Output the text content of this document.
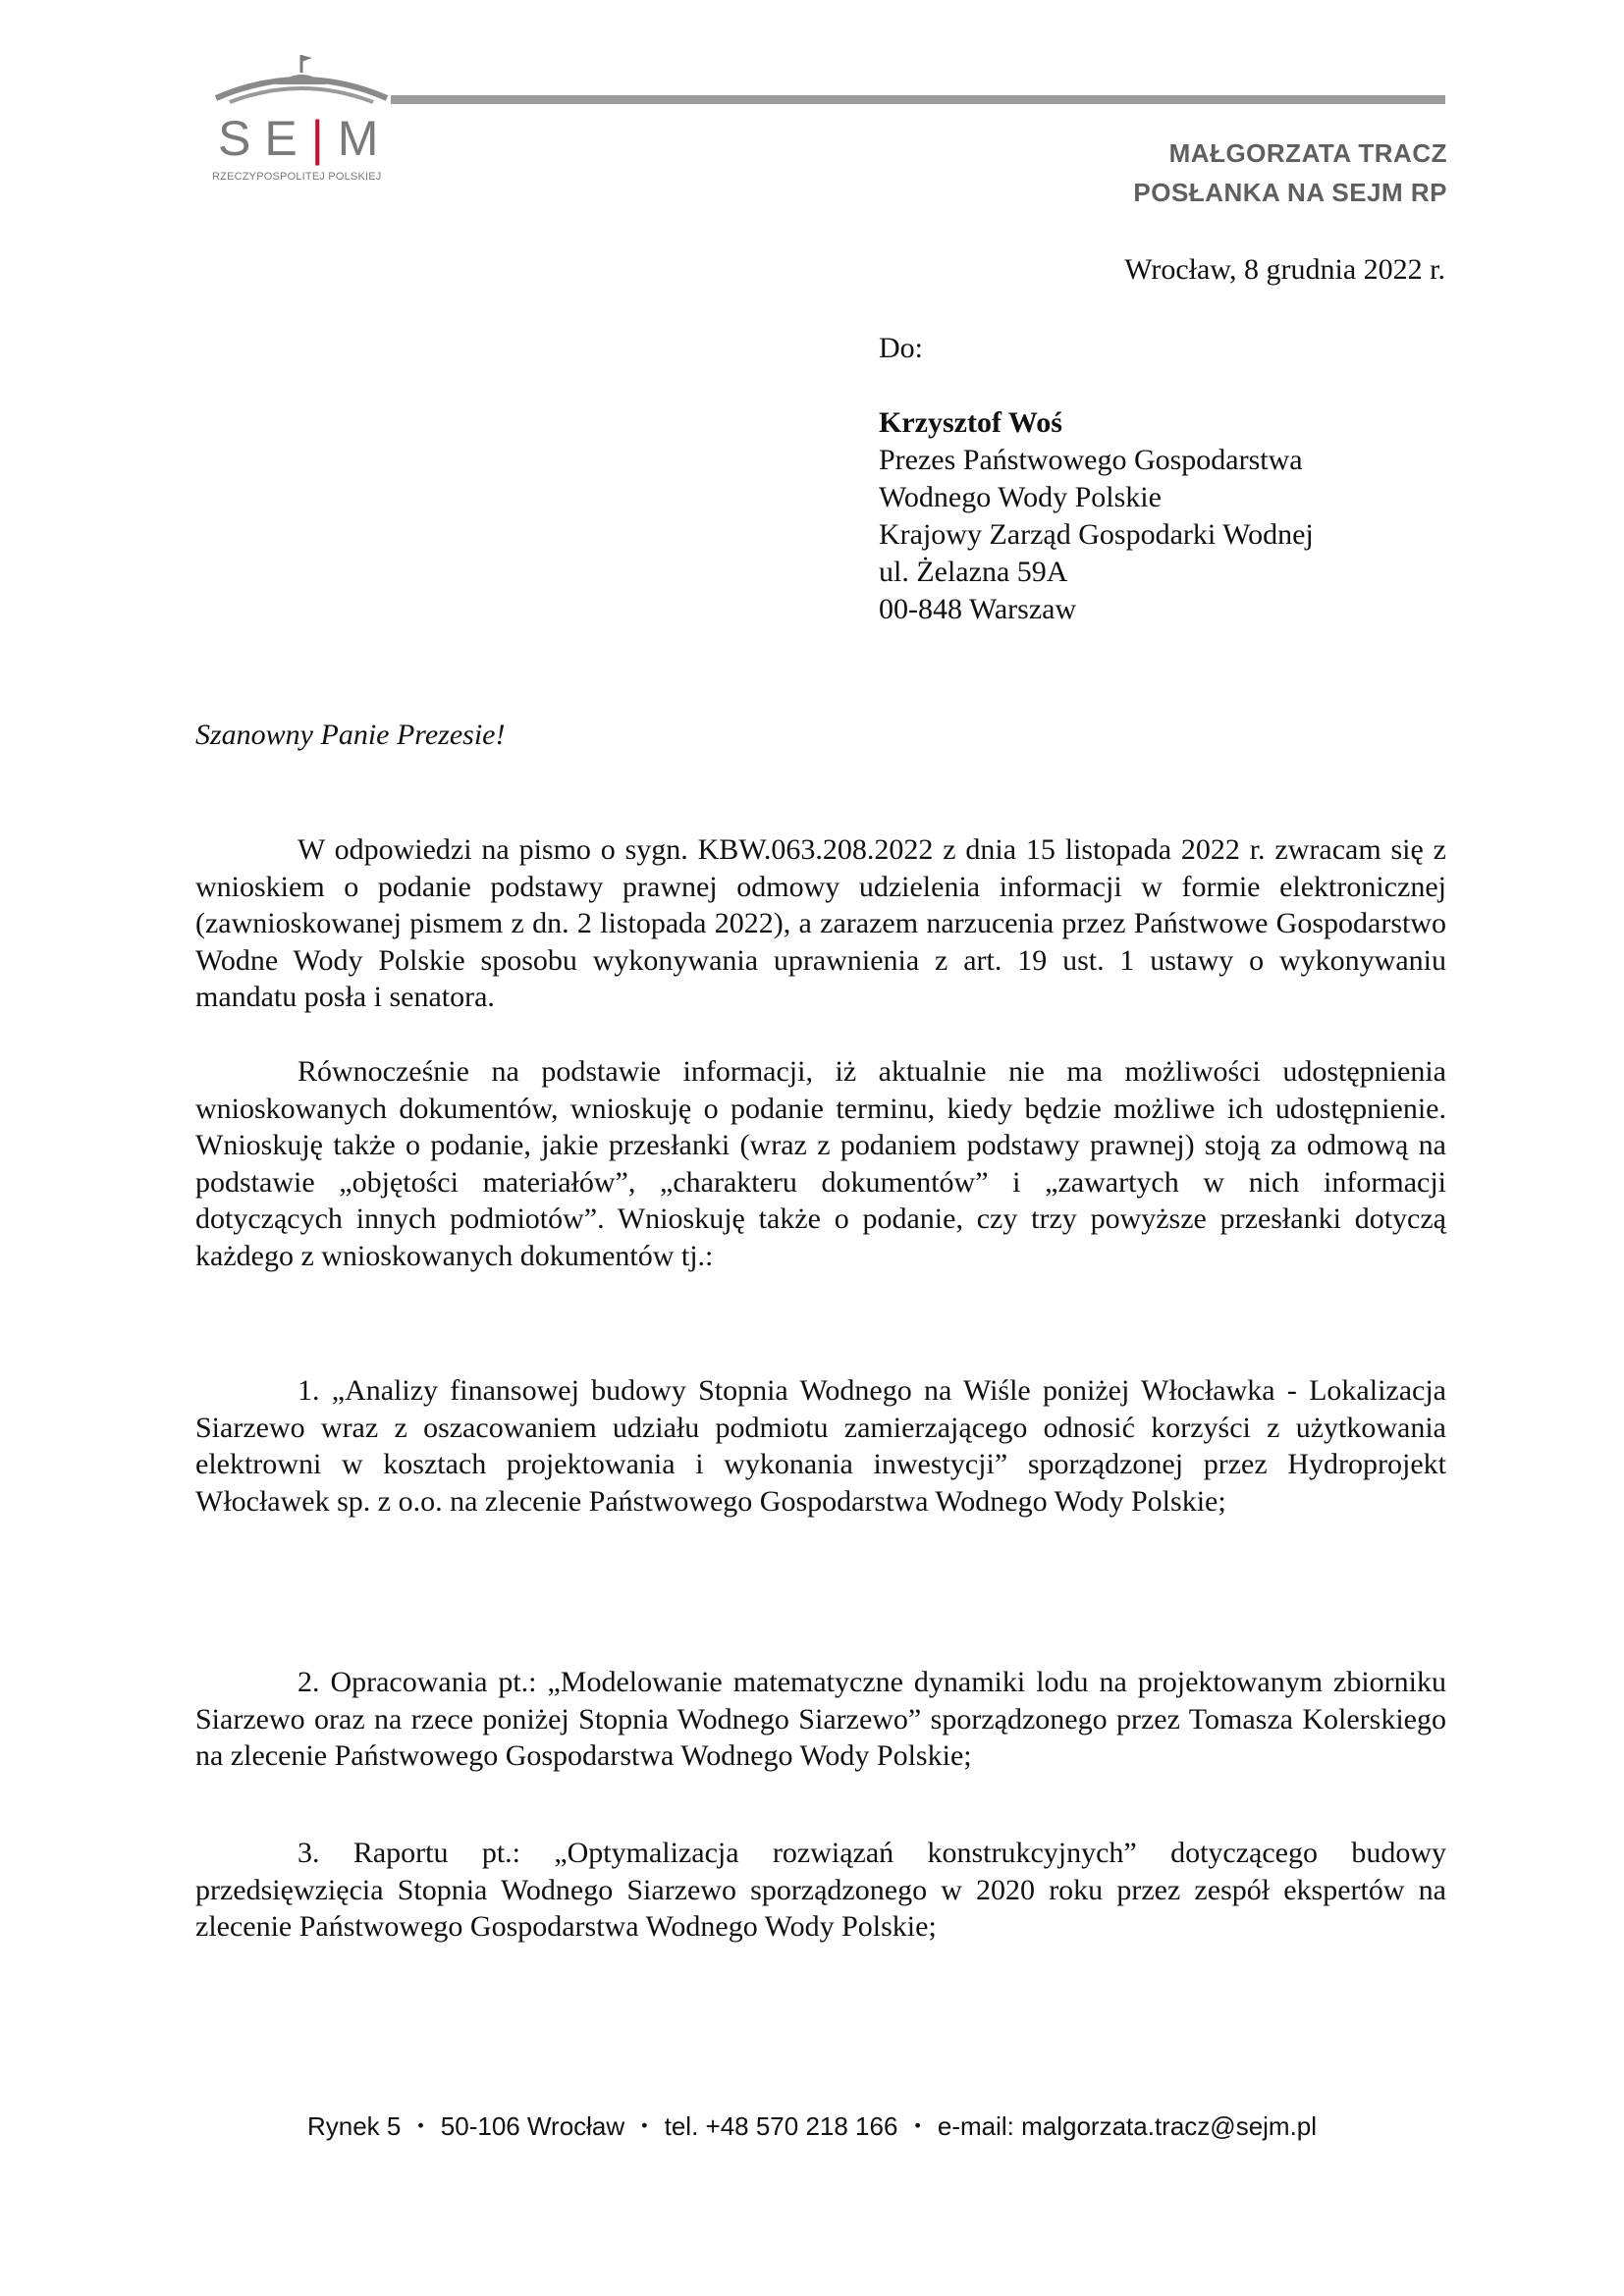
SE|M
RZECZYPOSPOLITEJ POLSKIEJ
MAŁGORZATA TRACZ
POSŁANKA NA SEJM RP
Wrocław, 8 grudnia 2022 r.
Do:
Krzysztof Woś
Prezes Państwowego Gospodarstwa
Wodnego Wody Polskie
Krajowy Zarząd Gospodarki Wodnej
ul. Żelazna 59A
00-848 Warszaw
Szanowny Panie Prezesie!

W odpowiedzi na pismo o sygn. KBW.063.208.2022 z dnia 15 listopada 2022 r. zwracam się z wnioskiem o podanie podstawy prawnej odmowy udzielenia informacji w formie elektronicznej (zawnioskowanej pismem z dn. 2 listopada 2022), a zarazem narzucenia przez Państwowe Gospodarstwo Wodne Wody Polskie sposobu wykonywania uprawnienia z art. 19 ust. 1 ustawy o wykonywaniu mandatu posła i senatora.

Równocześnie na podstawie informacji, iż aktualnie nie ma możliwości udostępnienia wnioskowanych dokumentów, wnioskuję o podanie terminu, kiedy będzie możliwe ich udostępnienie. Wnioskuję także o podanie, jakie przesłanki (wraz z podaniem podstawy prawnej) stoją za odmową na podstawie „objętości materiałów”, „charakteru dokumentów” i „zawartych w nich informacji dotyczących innych podmiotów”. Wnioskuję także o podanie, czy trzy powyższe przesłanki dotyczą każdego z wnioskowanych dokumentów tj.:

1. „Analizy finansowej budowy Stopnia Wodnego na Wiśle poniżej Włocławka - Lokalizacja Siarzewo wraz z oszacowaniem udziału podmiotu zamierzającego odnosić korzyści z użytkowania elektrowni w kosztach projektowania i wykonania inwestycji” sporządzonej przez Hydroprojekt Włocławek sp. z o.o. na zlecenie Państwowego Gospodarstwa Wodnego Wody Polskie;

2. Opracowania pt.: „Modelowanie matematyczne dynamiki lodu na projektowanym zbiorniku Siarzewo oraz na rzece poniżej Stopnia Wodnego Siarzewo” sporządzonego przez Tomasza Kolerskiego na zlecenie Państwowego Gospodarstwa Wodnego Wody Polskie;

3. Raportu pt.: „Optymalizacja rozwiązań konstrukcyjnych” dotyczącego budowy przedsięwzięcia Stopnia Wodnego Siarzewo sporządzonego w 2020 roku przez zespół ekspertów na zlecenie Państwowego Gospodarstwa Wodnego Wody Polskie;

Rynek 5 ・ 50-106 Wrocław ・ tel. +48 570 218 166 ・ e-mail: malgorzata.tracz@sejm.pl
